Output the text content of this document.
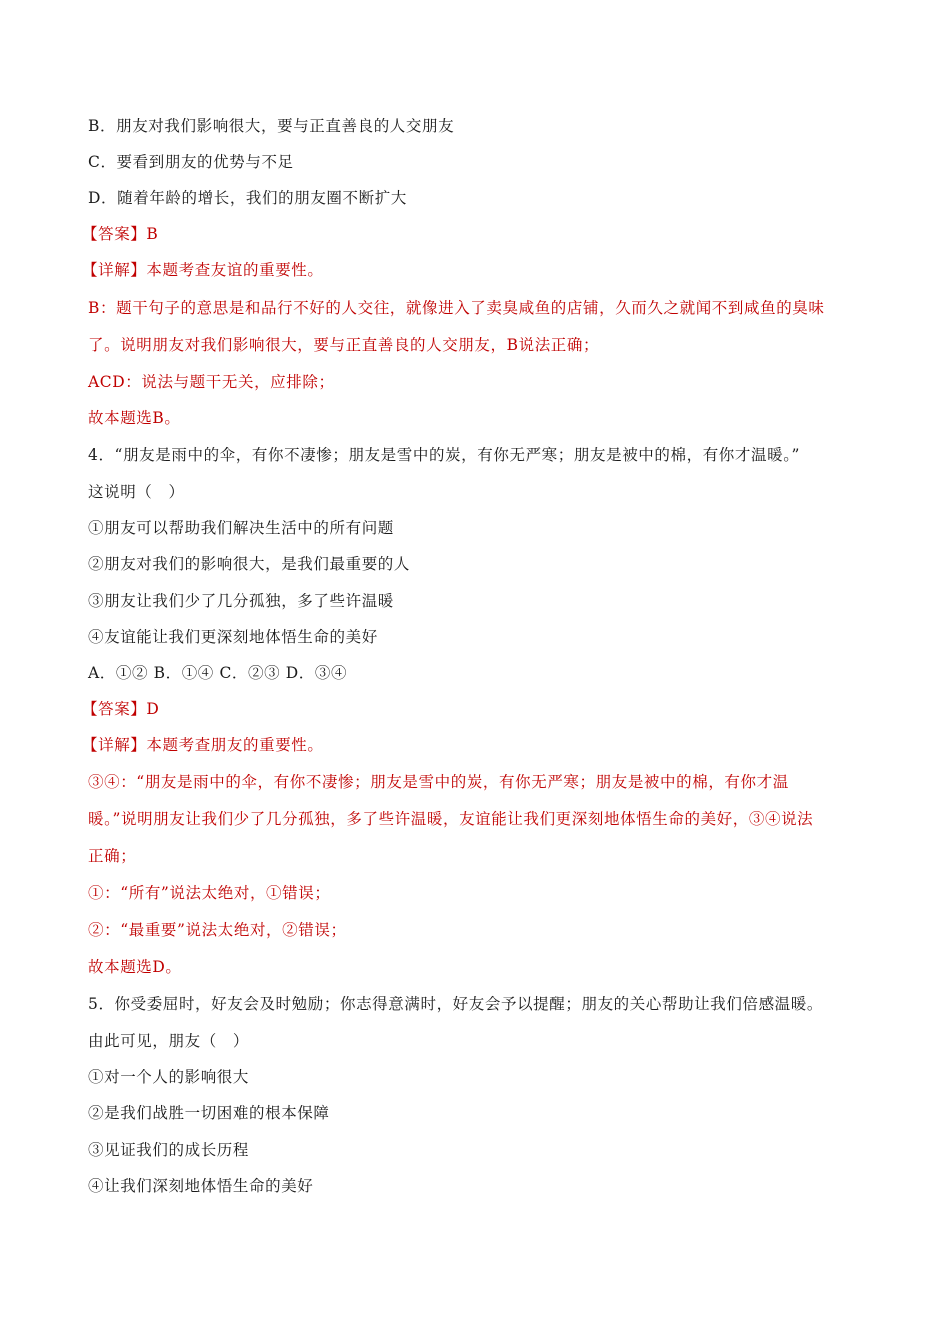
B．朋友对我们影响很大，要与正直善良的人交朋友
C．要看到朋友的优势与不足
D．随着年龄的增长，我们的朋友圈不断扩大
【答案】B
【详解】本题考查友谊的重要性。
B：题干句子的意思是和品行不好的人交往，就像进入了卖臭咸鱼的店铺，久而久之就闻不到咸鱼的臭味
了。说明朋友对我们影响很大，要与正直善良的人交朋友，B说法正确；
ACD：说法与题干无关，应排除；
故本题选B。
4．“朋友是雨中的伞，有你不凄惨；朋友是雪中的炭，有你无严寒；朋友是被中的棉，有你才温暖。”
这说明（　）
①朋友可以帮助我们解决生活中的所有问题
②朋友对我们的影响很大，是我们最重要的人
③朋友让我们少了几分孤独，多了些许温暖
④友谊能让我们更深刻地体悟生命的美好
A．①② B．①④ C．②③ D．③④
【答案】D
【详解】本题考查朋友的重要性。
③④：“朋友是雨中的伞，有你不凄惨；朋友是雪中的炭，有你无严寒；朋友是被中的棉，有你才温
暖。”说明朋友让我们少了几分孤独，多了些许温暖，友谊能让我们更深刻地体悟生命的美好，③④说法
正确；
①：“所有”说法太绝对，①错误；
②：“最重要”说法太绝对，②错误；
故本题选D。
5．你受委屈时，好友会及时勉励；你志得意满时，好友会予以提醒；朋友的关心帮助让我们倍感温暖。
由此可见，朋友（　）
①对一个人的影响很大
②是我们战胜一切困难的根本保障
③见证我们的成长历程
④让我们深刻地体悟生命的美好
